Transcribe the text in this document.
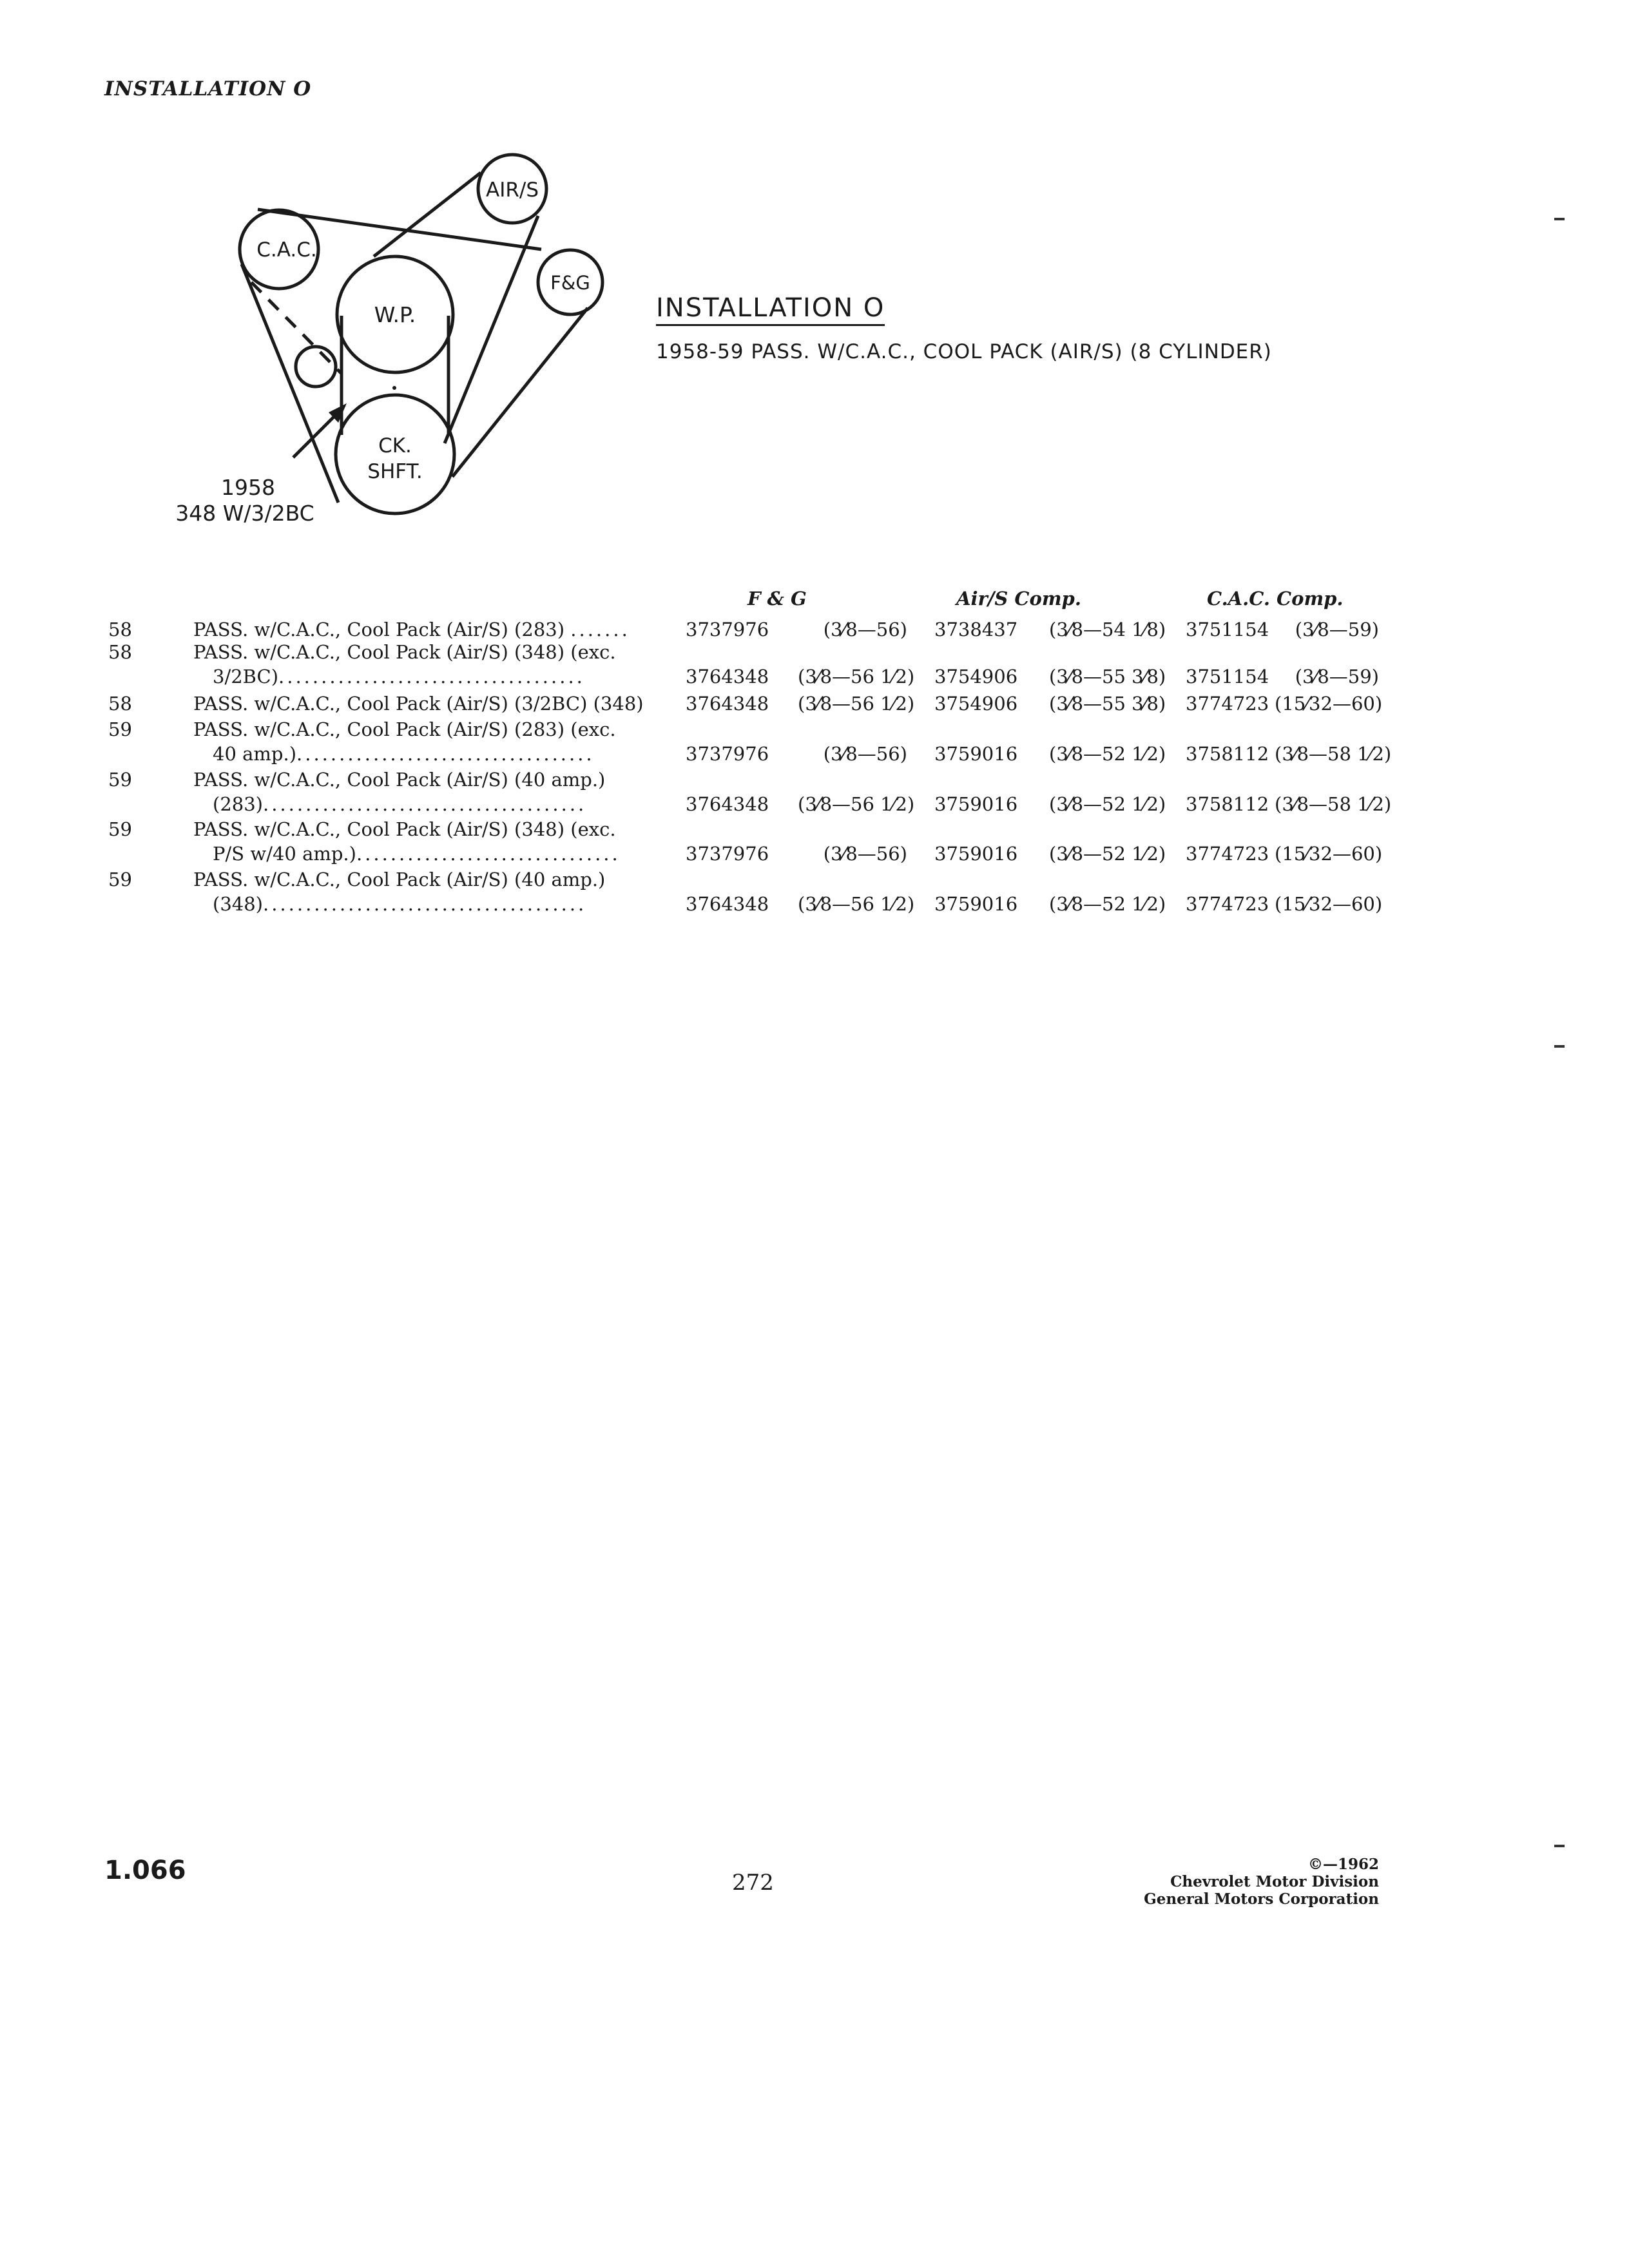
INSTALLATION O
AIR/S
C.A.C.
F&G
W.P.
CK.
SHFT.
1958
348 W/3/2BC
INSTALLATION O
1958-59 PASS. W/C.A.C., COOL PACK (AIR/S) (8 CYLINDER)
F & G	Air/S Comp.	C.A.C. Comp.
58	PASS. w/C.A.C., Cool Pack (Air/S) (283) .......	3737976	(3⁄8—56) 3738437 (3⁄8—54 1⁄8) 3751154	(3⁄8—59)
58	PASS. w/C.A.C., Cool Pack (Air/S) (348) (exc.
3/2BC)....................................	3764348 (3⁄8—56 1⁄2) 3754906 (3⁄8—55 3⁄8) 3751154	(3⁄8—59)
58	PASS. w/C.A.C., Cool Pack (Air/S) (3/2BC) (348)	3764348 (3⁄8—56 1⁄2) 3754906 (3⁄8—55 3⁄8) 3774723 (15⁄32—60)
59	PASS. w/C.A.C., Cool Pack (Air/S) (283) (exc.
40 amp.)...................................	3737976	(3⁄8—56) 3759016 (3⁄8—52 1⁄2) 3758112 (3⁄8—58 1⁄2)
59	PASS. w/C.A.C., Cool Pack (Air/S) (40 amp.)
(283)......................................	3764348 (3⁄8—56 1⁄2) 3759016 (3⁄8—52 1⁄2) 3758112 (3⁄8—58 1⁄2)
59	PASS. w/C.A.C., Cool Pack (Air/S) (348) (exc.
P/S w/40 amp.)...............................	3737976	(3⁄8—56) 3759016 (3⁄8—52 1⁄2) 3774723 (15⁄32—60)
59	PASS. w/C.A.C., Cool Pack (Air/S) (40 amp.)
(348)......................................	3764348 (3⁄8—56 1⁄2) 3759016 (3⁄8—52 1⁄2) 3774723 (15⁄32—60)
1.066	272
©—1962
Chevrolet Motor Division
General Motors Corporation
